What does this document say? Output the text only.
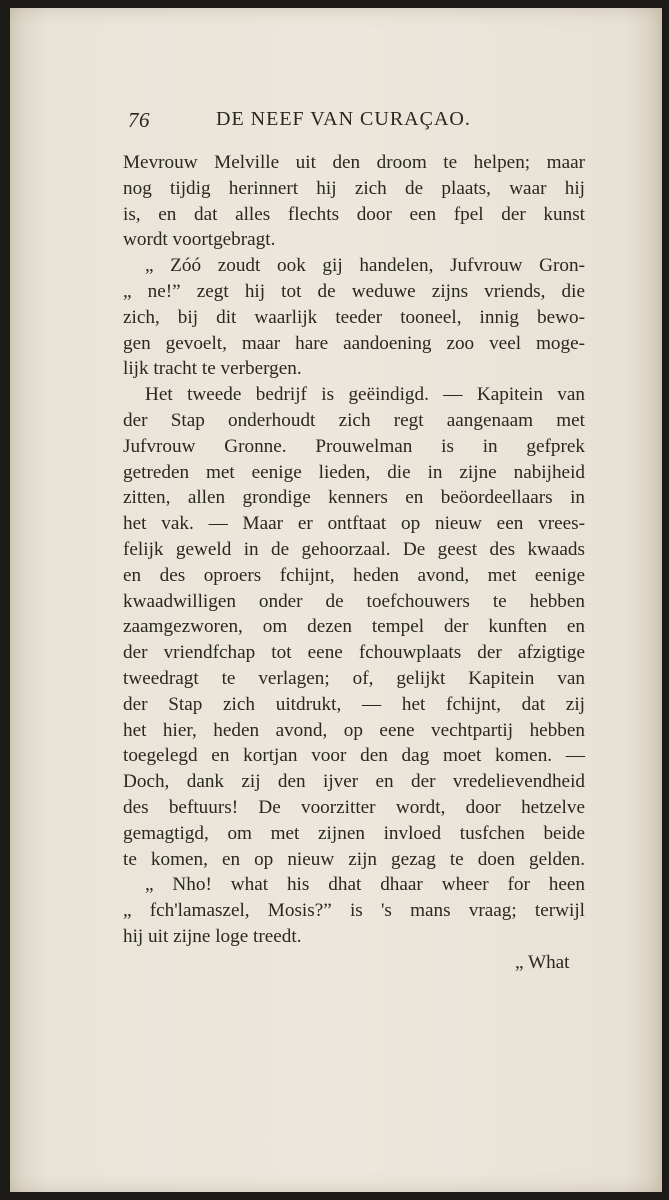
76	DE NEEF VAN CURAÇAO.
Mevrouw Melville uit den droom te helpen; maar
nog tijdig herinnert hij zich de plaats, waar hij
is, en dat alles flechts door een fpel der kunst
wordt voortgebragt.
„ Zóó zoudt ook gij handelen, Jufvrouw Gron-
„ ne!” zegt hij tot de weduwe zijns vriends, die
zich, bij dit waarlijk teeder tooneel, innig bewo-
gen gevoelt, maar hare aandoening zoo veel moge-
lijk tracht te verbergen.
Het tweede bedrijf is geëindigd. — Kapitein van
der Stap onderhoudt zich regt aangenaam met
Jufvrouw Gronne. Prouwelman is in gefprek
getreden met eenige lieden, die in zijne nabijheid
zitten, allen grondige kenners en beöordeellaars in
het vak. — Maar er ontftaat op nieuw een vrees-
felijk geweld in de gehoorzaal. De geest des kwaads
en des oproers fchijnt, heden avond, met eenige
kwaadwilligen onder de toefchouwers te hebben
zaamgezworen, om dezen tempel der kunften en
der vriendfchap tot eene fchouwplaats der afzigtige
tweedragt te verlagen; of, gelijkt Kapitein van
der Stap zich uitdrukt, — het fchijnt, dat zij
het hier, heden avond, op eene vechtpartij hebben
toegelegd en kortjan voor den dag moet komen. —
Doch, dank zij den ijver en der vredelievendheid
des beftuurs! De voorzitter wordt, door hetzelve
gemagtigd, om met zijnen invloed tusfchen beide
te komen, en op nieuw zijn gezag te doen gelden.
„ Nho! what his dhat dhaar wheer for heen
„ fch'lamaszel, Mosis?” is 's mans vraag; terwijl
hij uit zijne loge treedt.
„ What
